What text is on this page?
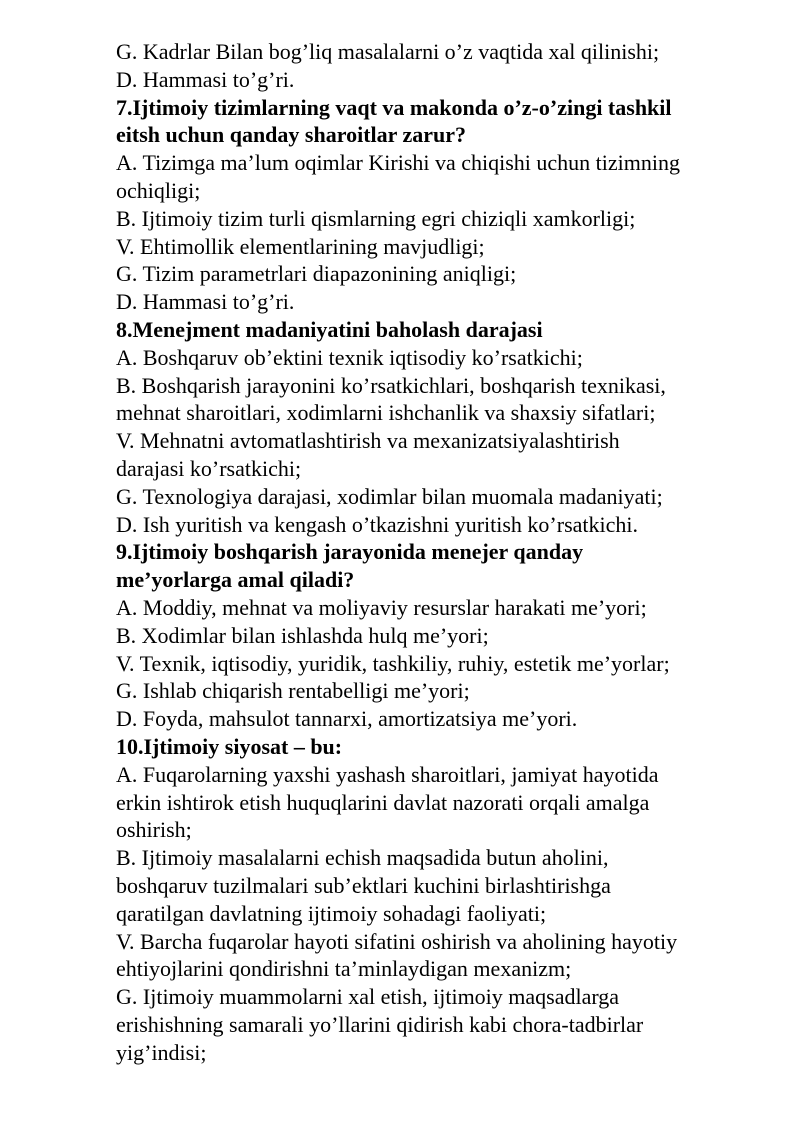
G. Kadrlar Bilan bog’liq masalalarni o’z vaqtida xal qilinishi;
D. Hammasi to’g’ri.
7.Ijtimoiy tizimlarning vaqt va makonda o’z-o’zingi tashkil
eitsh uchun qanday sharoitlar zarur?
A. Tizimga ma’lum oqimlar Kirishi va chiqishi uchun tizimning
ochiqligi;
B. Ijtimoiy tizim turli qismlarning egri chiziqli xamkorligi;
V. Ehtimollik elementlarining mavjudligi;
G. Tizim parametrlari diapazonining aniqligi;
D. Hammasi to’g’ri.
8.Menejment madaniyatini baholash darajasi
A. Boshqaruv ob’ektini texnik iqtisodiy ko’rsatkichi;
B. Boshqarish jarayonini ko’rsatkichlari, boshqarish texnikasi,
mehnat sharoitlari, xodimlarni ishchanlik va shaxsiy sifatlari;
V. Mehnatni avtomatlashtirish va mexanizatsiyalashtirish
darajasi ko’rsatkichi;
G. Texnologiya darajasi, xodimlar bilan muomala madaniyati;
D. Ish yuritish va kengash o’tkazishni yuritish ko’rsatkichi.
9.Ijtimoiy boshqarish jarayonida menejer qanday
me’yorlarga amal qiladi?
A. Moddiy, mehnat va moliyaviy resurslar harakati me’yori;
B. Xodimlar bilan ishlashda hulq me’yori;
V. Texnik, iqtisodiy, yuridik, tashkiliy, ruhiy, estetik me’yorlar;
G. Ishlab chiqarish rentabelligi me’yori;
D. Foyda, mahsulot tannarxi, amortizatsiya me’yori.
10.Ijtimoiy siyosat – bu:
A. Fuqarolarning yaxshi yashash sharoitlari, jamiyat hayotida
erkin ishtirok etish huquqlarini davlat nazorati orqali amalga
oshirish;
B. Ijtimoiy masalalarni echish maqsadida butun aholini,
boshqaruv tuzilmalari sub’ektlari kuchini birlashtirishga
qaratilgan davlatning ijtimoiy sohadagi faoliyati;
V. Barcha fuqarolar hayoti sifatini oshirish va aholining hayotiy
ehtiyojlarini qondirishni ta’minlaydigan mexanizm;
G. Ijtimoiy muammolarni xal etish, ijtimoiy maqsadlarga
erishishning samarali yo’llarini qidirish kabi chora-tadbirlar
yig’indisi;
